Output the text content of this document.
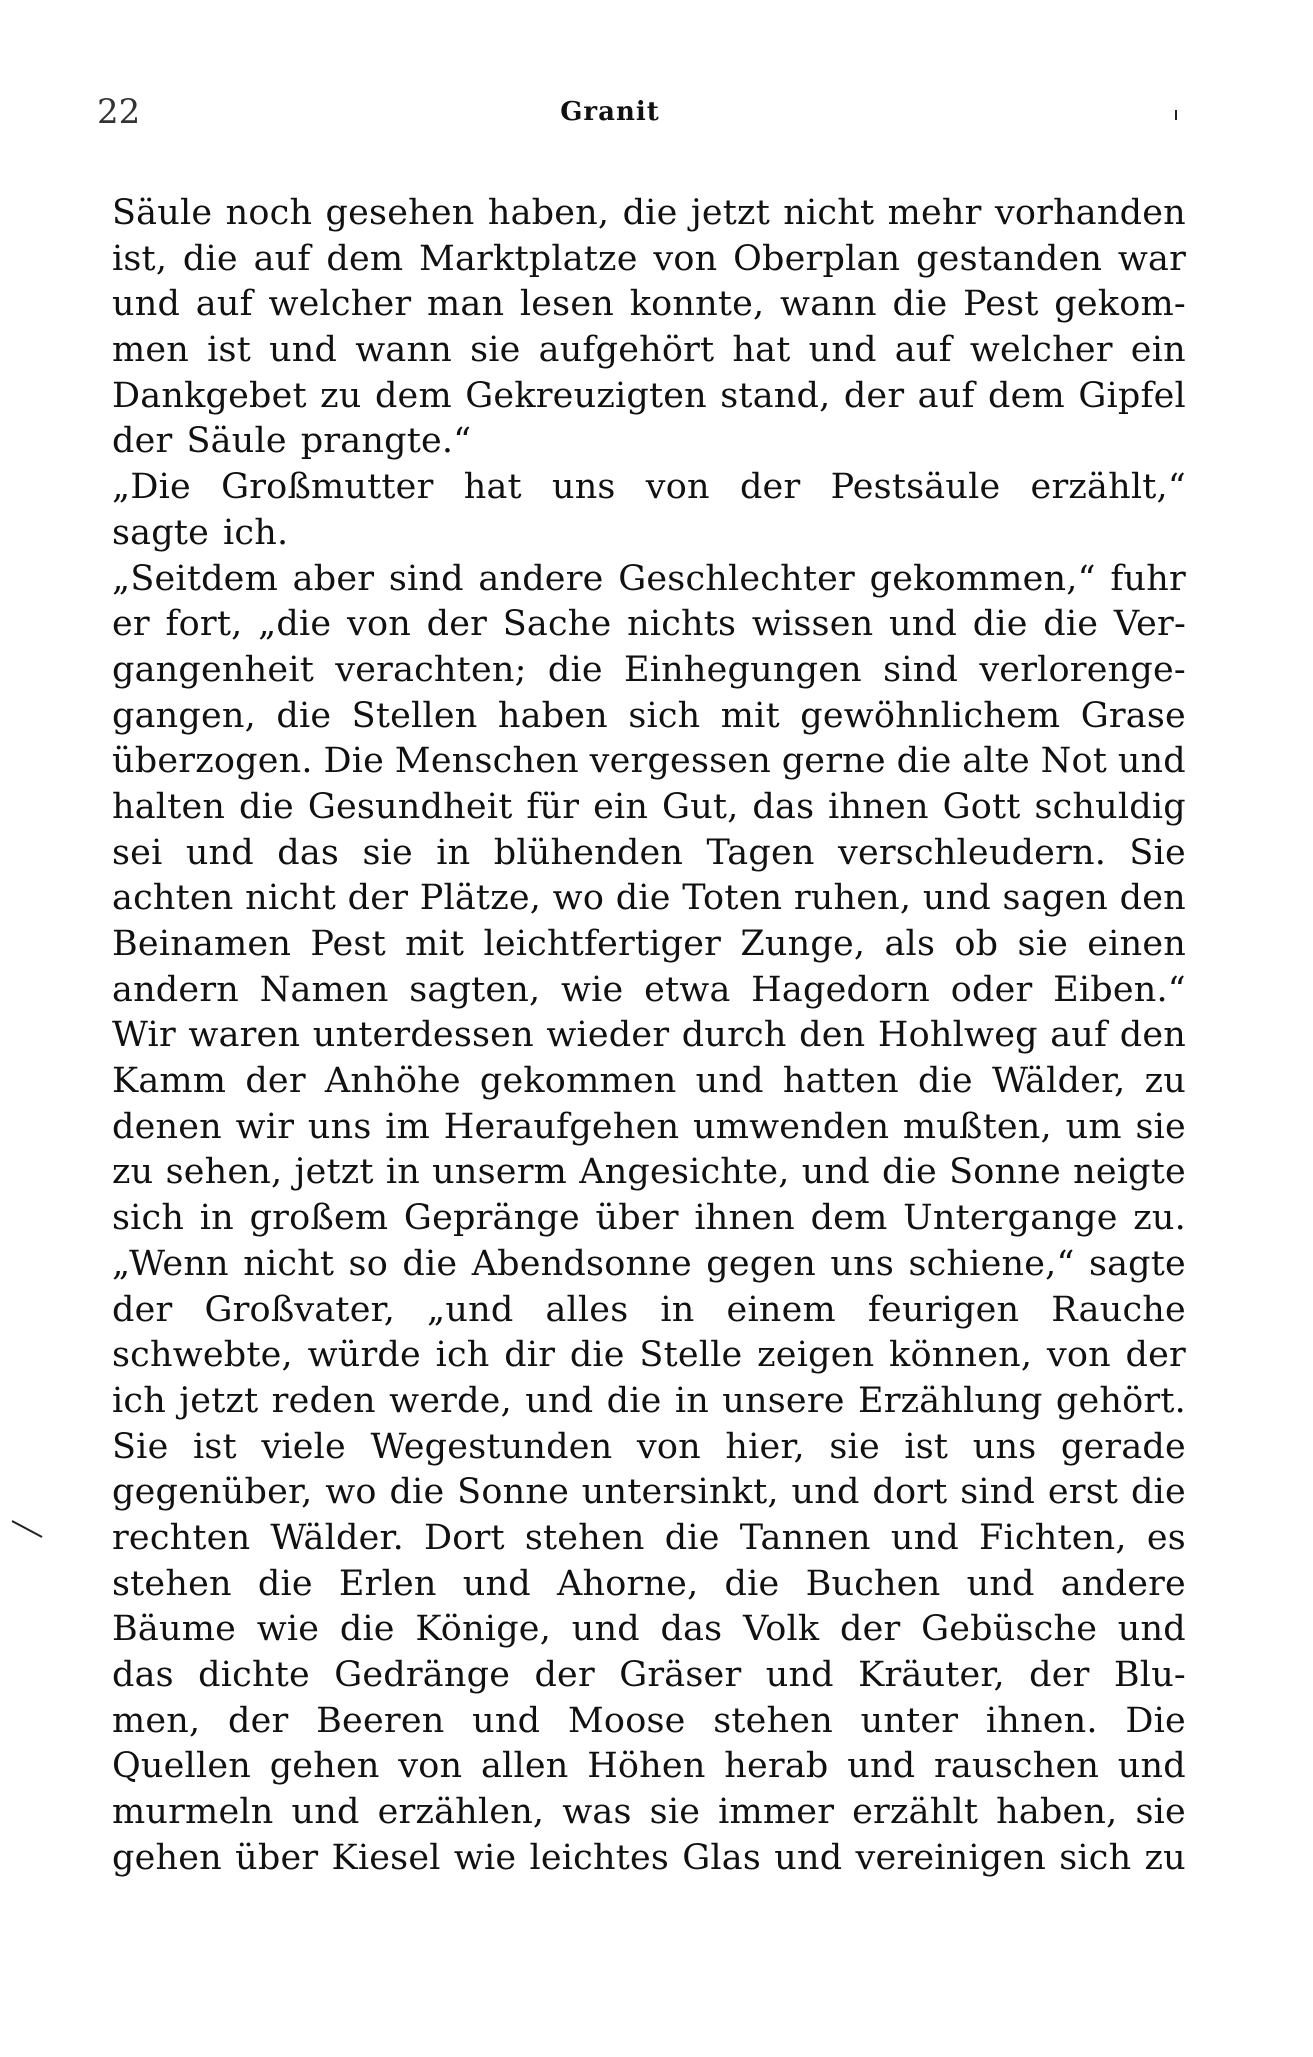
22	Granit
Säule noch gesehen haben, die jetzt nicht mehr vorhanden
ist, die auf dem Marktplatze von Oberplan gestanden war
und auf welcher man lesen konnte, wann die Pest gekom-
men ist und wann sie aufgehört hat und auf welcher ein
Dankgebet zu dem Gekreuzigten stand, der auf dem Gipfel
der Säule prangte.“
„Die Großmutter hat uns von der Pestsäule erzählt,“
sagte ich.
„Seitdem aber sind andere Geschlechter gekommen,“ fuhr
er fort, „die von der Sache nichts wissen und die die Ver-
gangenheit verachten; die Einhegungen sind verlorenge-
gangen, die Stellen haben sich mit gewöhnlichem Grase
überzogen. Die Menschen vergessen gerne die alte Not und
halten die Gesundheit für ein Gut, das ihnen Gott schuldig
sei und das sie in blühenden Tagen verschleudern. Sie
achten nicht der Plätze, wo die Toten ruhen, und sagen den
Beinamen Pest mit leichtfertiger Zunge, als ob sie einen
andern Namen sagten, wie etwa Hagedorn oder Eiben.“
Wir waren unterdessen wieder durch den Hohlweg auf den
Kamm der Anhöhe gekommen und hatten die Wälder, zu
denen wir uns im Heraufgehen umwenden mußten, um sie
zu sehen, jetzt in unserm Angesichte, und die Sonne neigte
sich in großem Gepränge über ihnen dem Untergange zu.
„Wenn nicht so die Abendsonne gegen uns schiene,“ sagte
der Großvater, „und alles in einem feurigen Rauche
schwebte, würde ich dir die Stelle zeigen können, von der
ich jetzt reden werde, und die in unsere Erzählung gehört.
Sie ist viele Wegestunden von hier, sie ist uns gerade
gegenüber, wo die Sonne untersinkt, und dort sind erst die
rechten Wälder. Dort stehen die Tannen und Fichten, es
stehen die Erlen und Ahorne, die Buchen und andere
Bäume wie die Könige, und das Volk der Gebüsche und
das dichte Gedränge der Gräser und Kräuter, der Blu-
men, der Beeren und Moose stehen unter ihnen. Die
Quellen gehen von allen Höhen herab und rauschen und
murmeln und erzählen, was sie immer erzählt haben, sie
gehen über Kiesel wie leichtes Glas und vereinigen sich zu
